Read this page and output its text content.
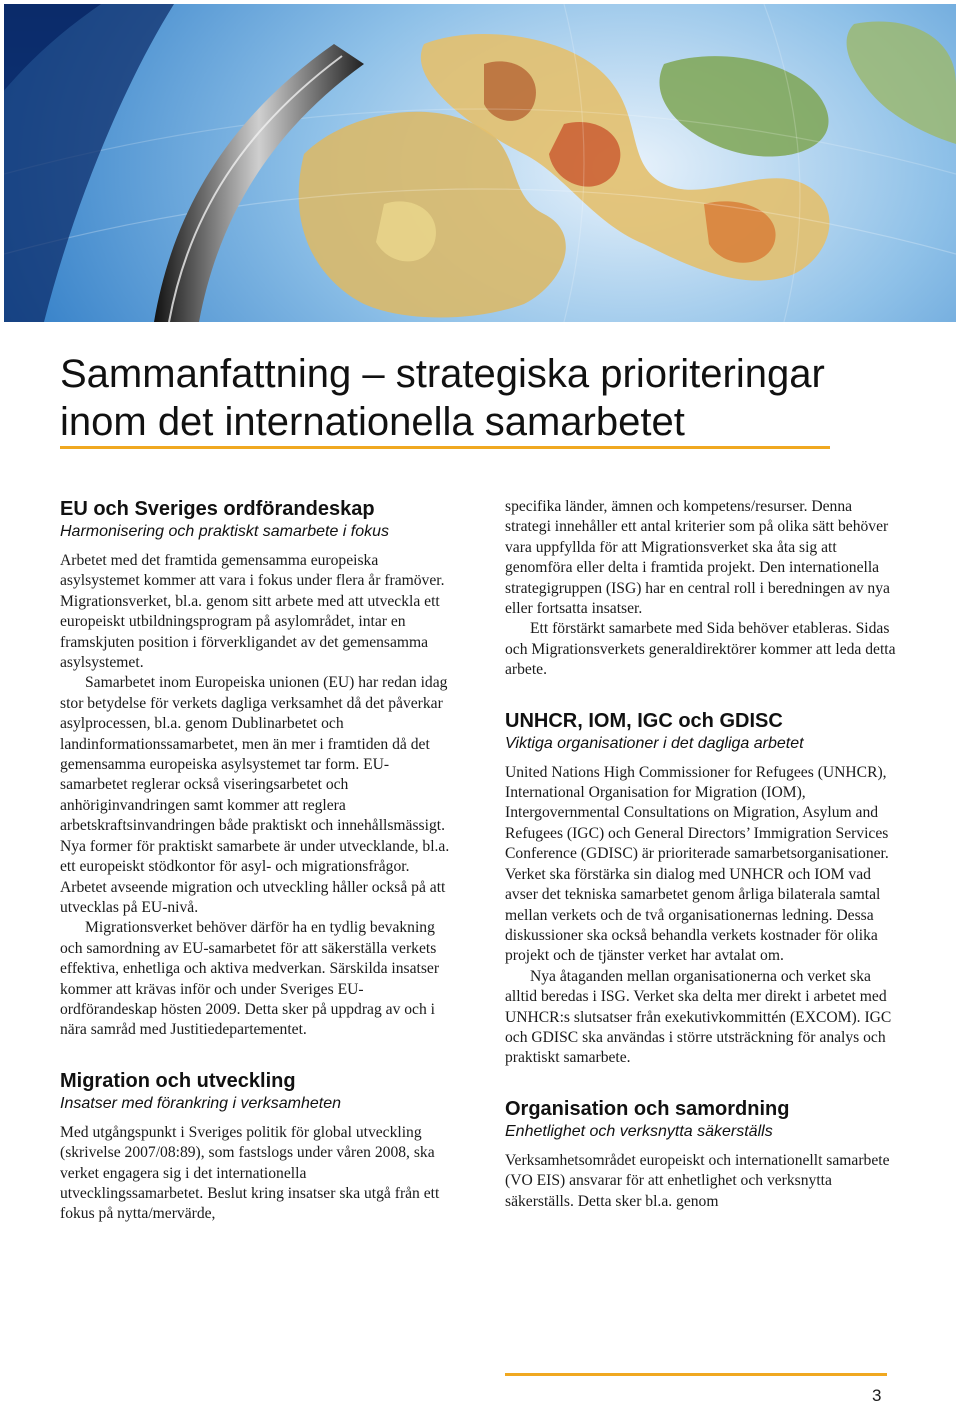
Sammanfattning – strategiska prioriteringar
inom det internationella samarbetet
EU och Sveriges ordförandeskap
Harmonisering och praktiskt samarbete i fokus

Arbetet med det framtida gemensamma europeiska asylsystemet kommer att vara i fokus under flera år framöver. Migrationsverket, bl.a. genom sitt arbete med att utveckla ett europeiskt utbildningsprogram på asylområdet, intar en framskjuten position i förverkligandet av det gemensamma asylsystemet.

Samarbetet inom Europeiska unionen (EU) har redan idag stor betydelse för verkets dagliga verksamhet då det påverkar asylprocessen, bl.a. genom Dublinarbetet och landinformationssamarbetet, men än mer i framtiden då det gemensamma europeiska asylsystemet tar form. EU-samarbetet reglerar också viseringsarbetet och anhöriginvandringen samt kommer att reglera arbetskraftsinvandringen både praktiskt och innehållsmässigt. Nya former för praktiskt samarbete är under utvecklande, bl.a. ett europeiskt stödkontor för asyl- och migrationsfrågor. Arbetet avseende migration och utveckling håller också på att utvecklas på EU-nivå.

Migrationsverket behöver därför ha en tydlig bevakning och samordning av EU-samarbetet för att säkerställa verkets effektiva, enhetliga och aktiva medverkan. Särskilda insatser kommer att krävas inför och under Sveriges EU-ordförandeskap hösten 2009. Detta sker på uppdrag av och i nära samråd med Justitiedepartementet.

Migration och utveckling
Insatser med förankring i verksamheten

Med utgångspunkt i Sveriges politik för global utveckling (skrivelse 2007/08:89), som fastslogs under våren 2008, ska verket engagera sig i det internationella utvecklingssamarbetet. Beslut kring insatser ska utgå från ett fokus på nytta/mervärde,

specifika länder, ämnen och kompetens/resurser. Denna strategi innehåller ett antal kriterier som på olika sätt behöver vara uppfyllda för att Migrationsverket ska åta sig att genomföra eller delta i framtida projekt. Den internationella strategigruppen (ISG) har en central roll i beredningen av nya eller fortsatta insatser.

Ett förstärkt samarbete med Sida behöver etableras. Sidas och Migrationsverkets generaldirektörer kommer att leda detta arbete.

UNHCR, IOM, IGC och GDISC
Viktiga organisationer i det dagliga arbetet

United Nations High Commissioner for Refugees (UNHCR), International Organisation for Migration (IOM), Intergovernmental Consultations on Migration, Asylum and Refugees (IGC) och General Directors’ Immigration Services Conference (GDISC) är prioriterade samarbetsorganisationer. Verket ska förstärka sin dialog med UNHCR och IOM vad avser det tekniska samarbetet genom årliga bilaterala samtal mellan verkets och de två organisationernas ledning. Dessa diskussioner ska också behandla verkets kostnader för olika projekt och de tjänster verket har avtalat om.

Nya åtaganden mellan organisationerna och verket ska alltid beredas i ISG. Verket ska delta mer direkt i arbetet med UNHCR:s slutsatser från exekutivkommittén (EXCOM). IGC och GDISC ska användas i större utsträckning för analys och praktiskt samarbete.

Organisation och samordning
Enhetlighet och verksnytta säkerställs

Verksamhetsområdet europeiskt och internationellt samarbete (VO EIS) ansvarar för att enhetlighet och verksnytta säkerställs. Detta sker bl.a. genom

3
